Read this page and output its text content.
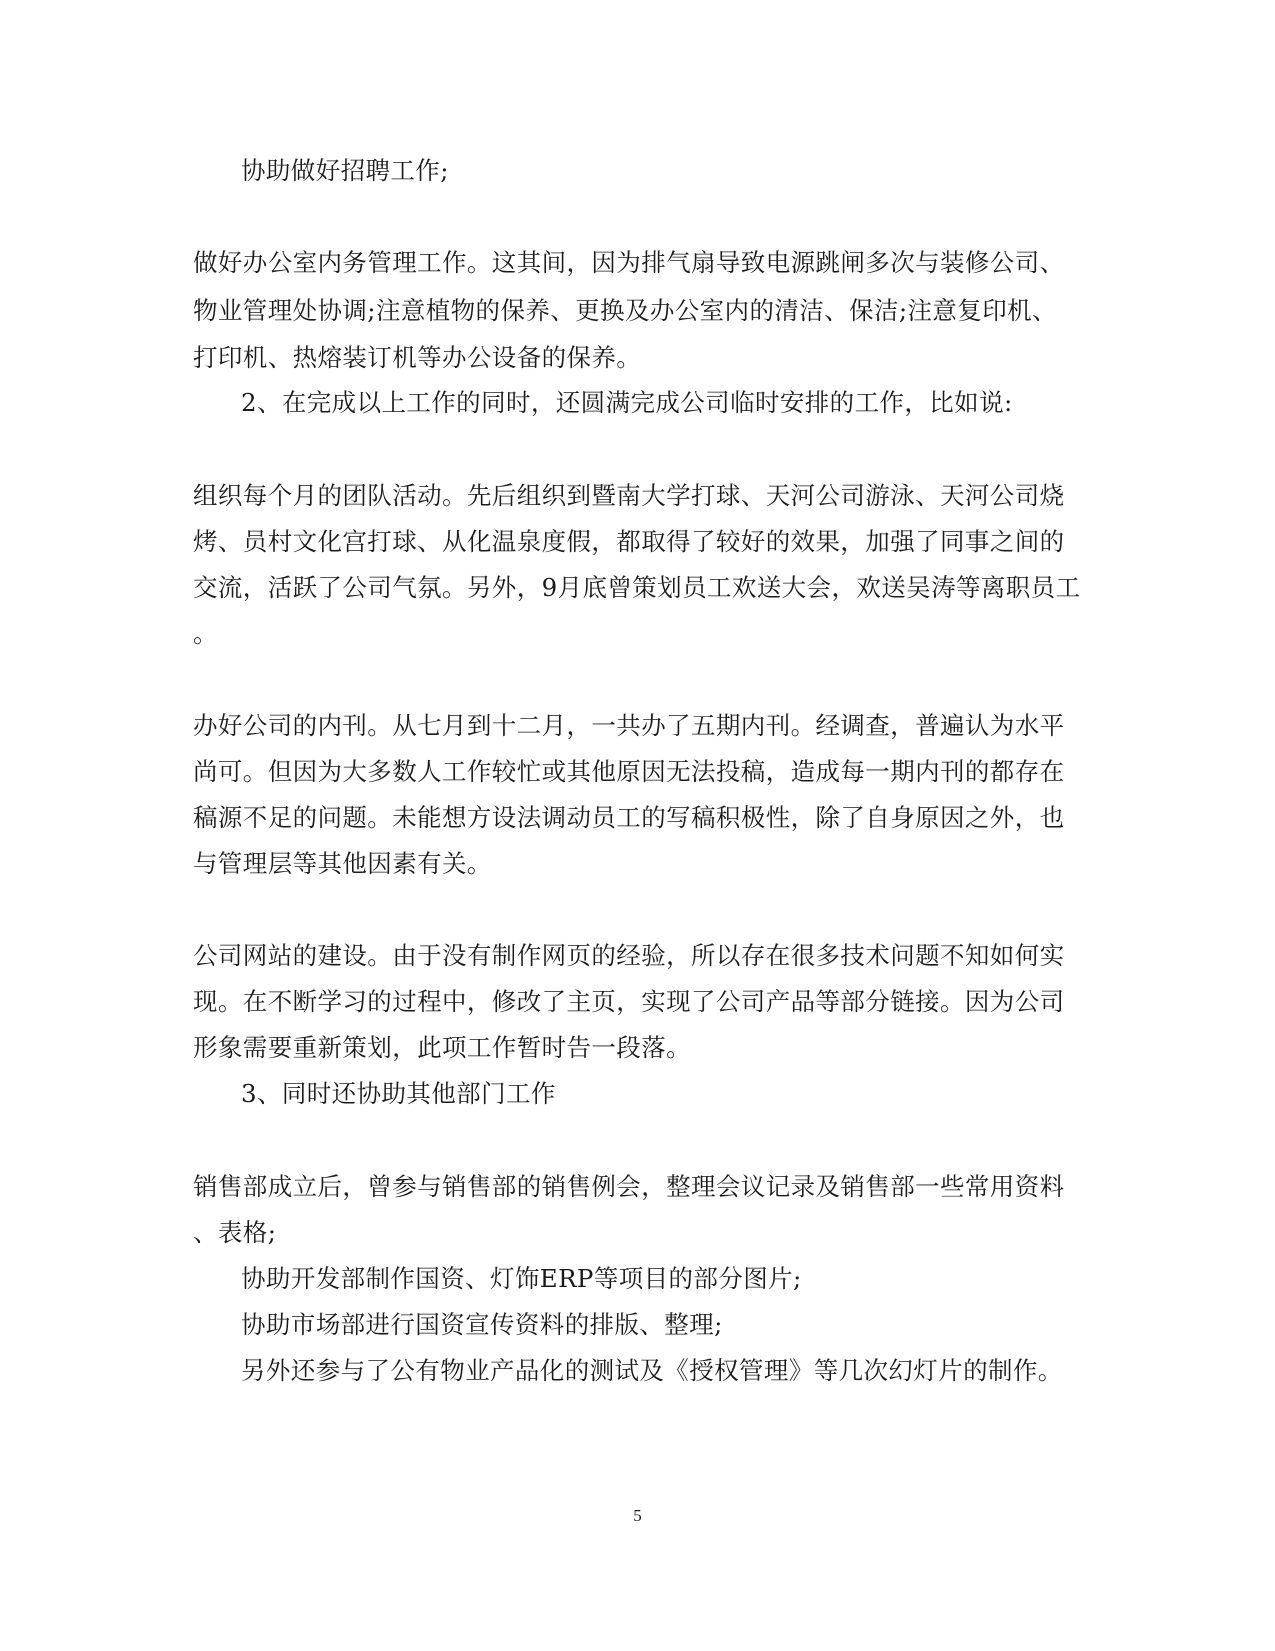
协助做好招聘工作;

做好办公室内务管理工作。这其间，因为排气扇导致电源跳闸多次与装修公司、

物业管理处协调;注意植物的保养、更换及办公室内的清洁、保洁;注意复印机、

打印机、热熔装订机等办公设备的保养。

2、在完成以上工作的同时，还圆满完成公司临时安排的工作，比如说:

组织每个月的团队活动。先后组织到暨南大学打球、天河公司游泳、天河公司烧

烤、员村文化宫打球、从化温泉度假，都取得了较好的效果，加强了同事之间的

交流，活跃了公司气氛。另外，9月底曾策划员工欢送大会，欢送吴涛等离职员工

。

办好公司的内刊。从七月到十二月，一共办了五期内刊。经调查，普遍认为水平

尚可。但因为大多数人工作较忙或其他原因无法投稿，造成每一期内刊的都存在

稿源不足的问题。未能想方设法调动员工的写稿积极性，除了自身原因之外，也

与管理层等其他因素有关。

公司网站的建设。由于没有制作网页的经验，所以存在很多技术问题不知如何实

现。在不断学习的过程中，修改了主页，实现了公司产品等部分链接。因为公司

形象需要重新策划，此项工作暂时告一段落。

3、同时还协助其他部门工作

销售部成立后，曾参与销售部的销售例会，整理会议记录及销售部一些常用资料

、表格;

协助开发部制作国资、灯饰ERP等项目的部分图片;

协助市场部进行国资宣传资料的排版、整理;

另外还参与了公有物业产品化的测试及《授权管理》等几次幻灯片的制作。

5
